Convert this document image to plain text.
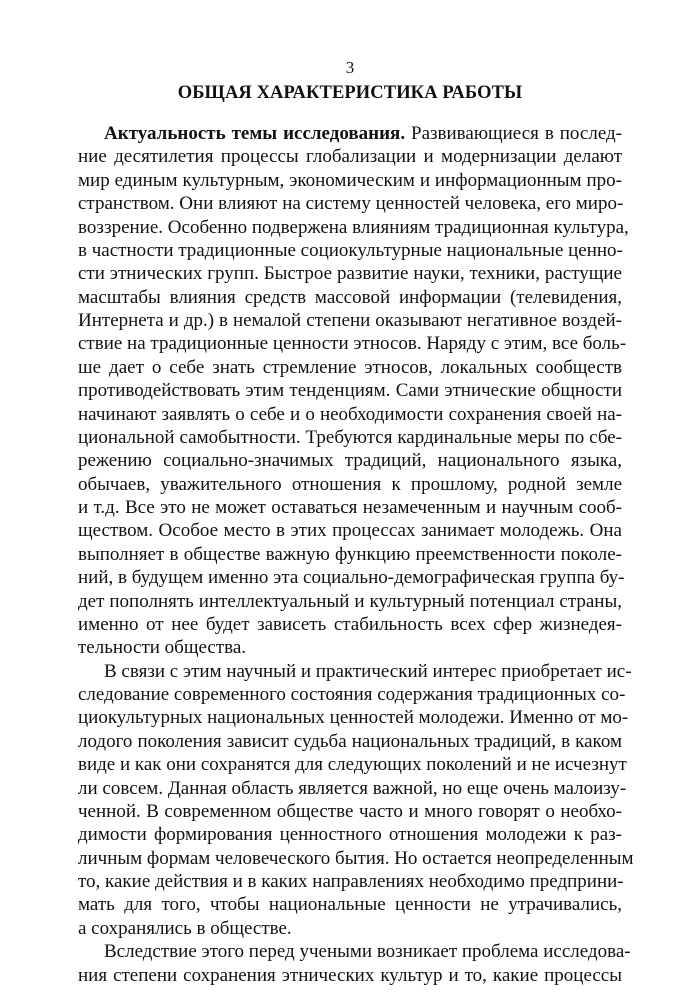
3
ОБЩАЯ ХАРАКТЕРИСТИКА РАБОТЫ
Актуальность темы исследования. Развивающиеся в послед-
ние десятилетия процессы глобализации и модернизации делают
мир единым культурным, экономическим и информационным про-
странством. Они влияют на систему ценностей человека, его миро-
воззрение. Особенно подвержена влияниям традиционная культура,
в частности традиционные социокультурные национальные ценно-
сти этнических групп. Быстрое развитие науки, техники, растущие
масштабы влияния средств массовой информации (телевидения,
Интернета и др.) в немалой степени оказывают негативное воздей-
ствие на традиционные ценности этносов. Наряду с этим, все боль-
ше дает о себе знать стремление этносов, локальных сообществ
противодействовать этим тенденциям. Сами этнические общности
начинают заявлять о себе и о необходимости сохранения своей на-
циональной самобытности. Требуются кардинальные меры по сбе-
режению социально-значимых традиций, национального языка,
обычаев, уважительного отношения к прошлому, родной земле
и т.д. Все это не может оставаться незамеченным и научным сооб-
ществом. Особое место в этих процессах занимает молодежь. Она
выполняет в обществе важную функцию преемственности поколе-
ний, в будущем именно эта социально-демографическая группа бу-
дет пополнять интеллектуальный и культурный потенциал страны,
именно от нее будет зависеть стабильность всех сфер жизнедея-
тельности общества.
В связи с этим научный и практический интерес приобретает ис-
следование современного состояния содержания традиционных со-
циокультурных национальных ценностей молодежи. Именно от мо-
лодого поколения зависит судьба национальных традиций, в каком
виде и как они сохранятся для следующих поколений и не исчезнут
ли совсем. Данная область является важной, но еще очень малоизу-
ченной. В современном обществе часто и много говорят о необхо-
димости формирования ценностного отношения молодежи к раз-
личным формам человеческого бытия. Но остается неопределенным
то, какие действия и в каких направлениях необходимо предприни-
мать для того, чтобы национальные ценности не утрачивались,
а сохранялись в обществе.
Вследствие этого перед учеными возникает проблема исследова-
ния степени сохранения этнических культур и то, какие процессы
